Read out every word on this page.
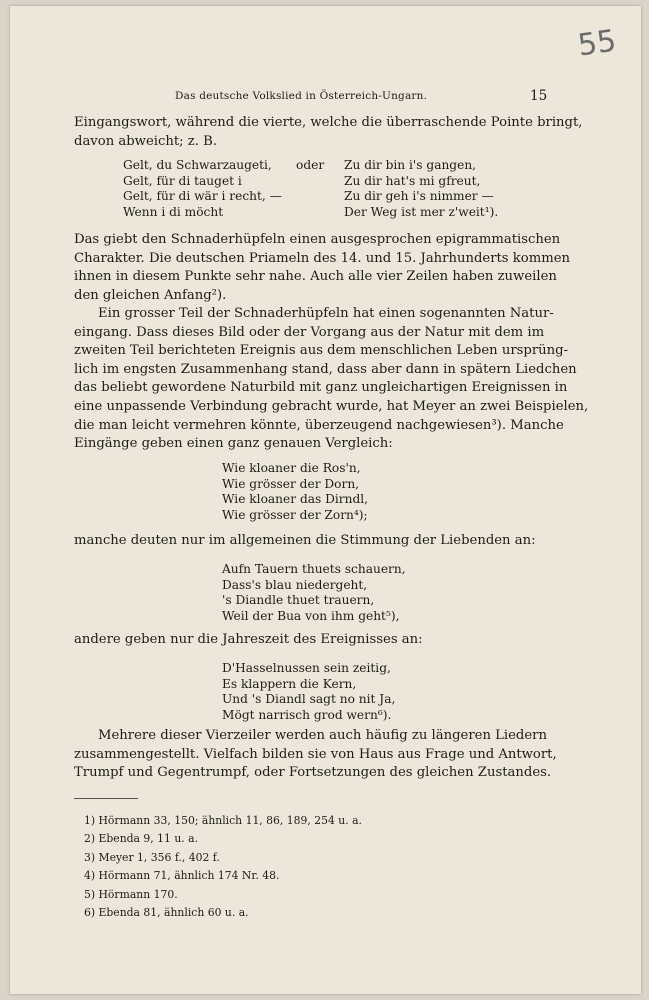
55
Das deutsche Volkslied in Österreich-Ungarn.	15
Eingangswort, während die vierte, welche die überraschende Pointe bringt,
davon abweicht; z. B.
Gelt, du Schwarzaugeti,
Gelt, für di tauget i
Gelt, für di wär i recht, —
Wenn i di möcht
oder Zu dir bin i's gangen,
Zu dir hat's mi gfreut,
Zu dir geh i's nimmer —
Der Weg ist mer z'weit¹).
Das giebt den Schnaderhüpfeln einen ausgesprochen epigrammatischen
Charakter. Die deutschen Priameln des 14. und 15. Jahrhunderts kommen
ihnen in diesem Punkte sehr nahe. Auch alle vier Zeilen haben zuweilen
den gleichen Anfang²).
Ein grosser Teil der Schnaderhüpfeln hat einen sogenannten Natur-
eingang. Dass dieses Bild oder der Vorgang aus der Natur mit dem im
zweiten Teil berichteten Ereignis aus dem menschlichen Leben ursprüng-
lich im engsten Zusammenhang stand, dass aber dann in spätern Liedchen
das beliebt gewordene Naturbild mit ganz ungleichartigen Ereignissen in
eine unpassende Verbindung gebracht wurde, hat Meyer an zwei Beispielen,
die man leicht vermehren könnte, überzeugend nachgewiesen³). Manche
Eingänge geben einen ganz genauen Vergleich:
Wie kloaner die Ros'n,
Wie grösser der Dorn,
Wie kloaner das Dirndl,
Wie grösser der Zorn⁴);
manche deuten nur im allgemeinen die Stimmung der Liebenden an:
Aufn Tauern thuets schauern,
Dass's blau niedergeht,
's Diandle thuet trauern,
Weil der Bua von ihm geht⁵),
andere geben nur die Jahreszeit des Ereignisses an:
D'Hasselnussen sein zeitig,
Es klappern die Kern,
Und 's Diandl sagt no nit Ja,
Mögt narrisch grod wern⁶).
Mehrere dieser Vierzeiler werden auch häufig zu längeren Liedern
zusammengestellt. Vielfach bilden sie von Haus aus Frage und Antwort,
Trumpf und Gegentrumpf, oder Fortsetzungen des gleichen Zustandes.
1) Hörmann 33, 150; ähnlich 11, 86, 189, 254 u. a.
2) Ebenda 9, 11 u. a.
3) Meyer 1, 356 f., 402 f.
4) Hörmann 71, ähnlich 174 Nr. 48.
5) Hörmann 170.
6) Ebenda 81, ähnlich 60 u. a.
